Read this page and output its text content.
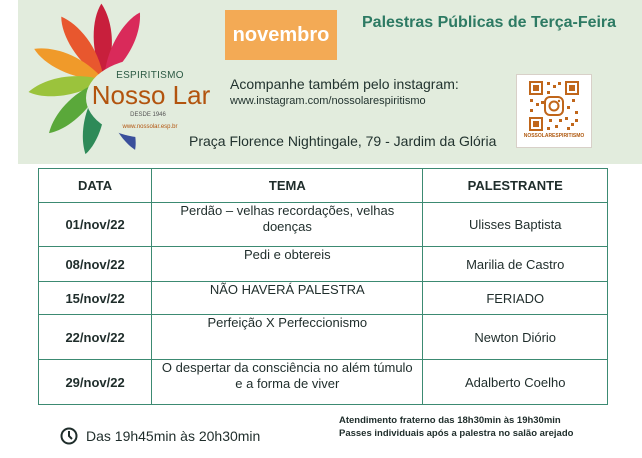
ESPIRITISMO
Nosso Lar
DESDE 1946
www.nossolar.esp.br
novembro
Palestras Públicas de Terça-Feira
Acompanhe também pelo instagram:
www.instagram.com/nossolarespiritismo
Praça Florence Nightingale, 79 - Jardim da Glória	NOSSOLARESPIRITISMO
DATA	TEMA	PALESTRANTE
01/nov/22	Perdão – velhas recordações, velhas doenças	Ulisses Baptista
08/nov/22	Pedi e obtereis	Marilia de Castro
15/nov/22	NÃO HAVERÁ PALESTRA	FERIADO
22/nov/22	Perfeição X Perfeccionismo	Newton Diório
29/nov/22	O despertar da consciência no além túmulo e a forma de viver	Adalberto Coelho
Das 19h45min às 20h30min
Atendimento fraterno das 18h30min às 19h30min
Passes individuais após a palestra no salão arejado
